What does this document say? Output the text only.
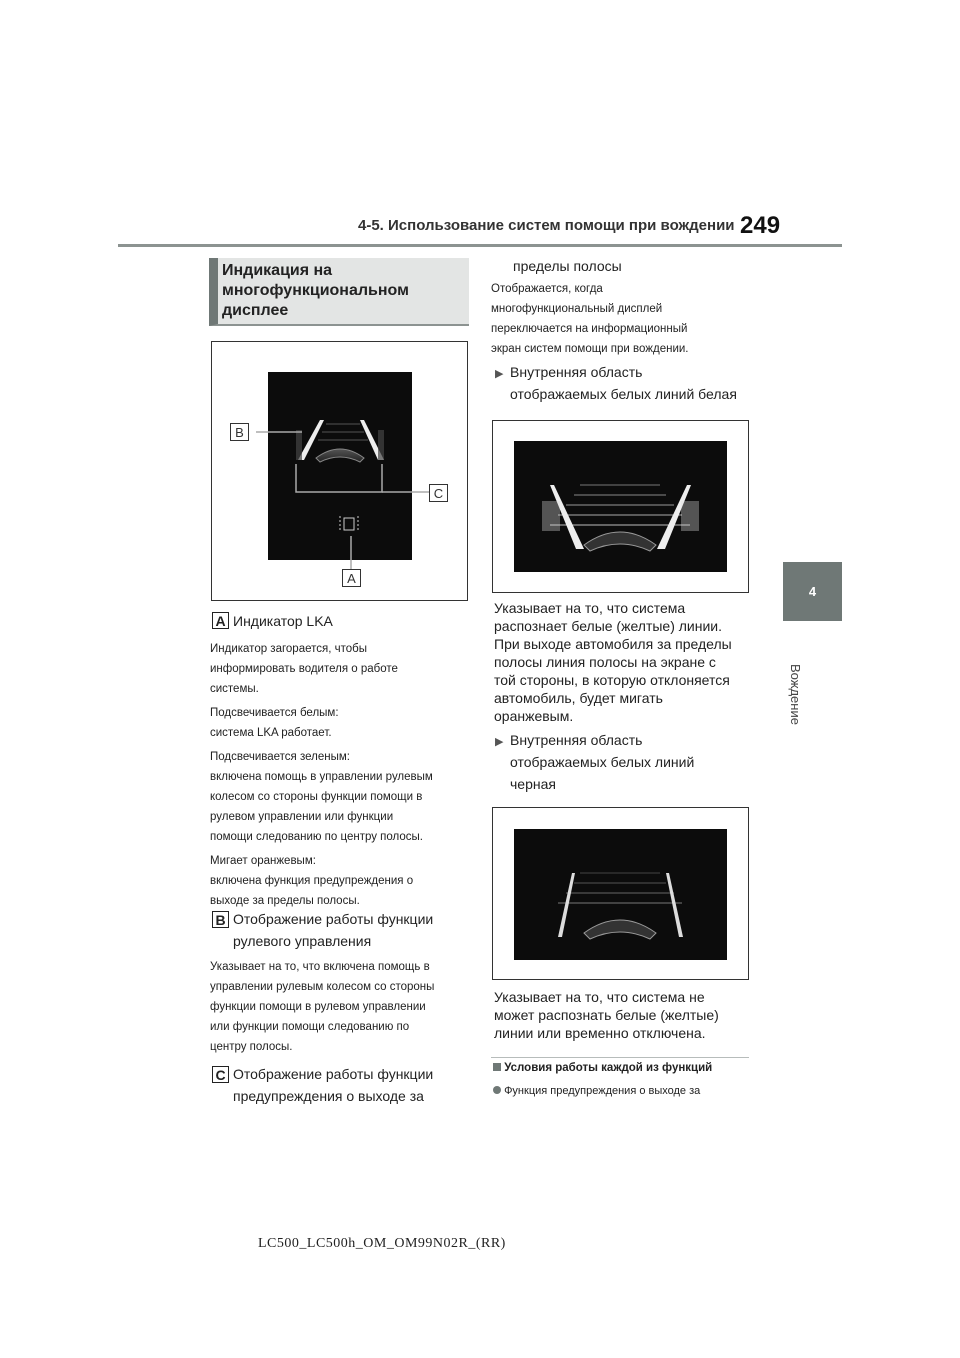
4-5. Использование систем помощи при вождении 249
4
Вождение
Индикация на многофункциональном дисплее
B
C
A
A Индикатор LKA
Индикатор загорается, чтобы
информировать водителя о работе
системы.
Подсвечивается белым:
система LKA работает.
Подсвечивается зеленым:
включена помощь в управлении рулевым
колесом со стороны функции помощи в
рулевом управлении или функции
помощи следованию по центру полосы.
Мигает оранжевым:
включена функция предупреждения о
выходе за пределы полосы.
B Отображение работы функции
рулевого управления
Указывает на то, что включена помощь в
управлении рулевым колесом со стороны
функции помощи в рулевом управлении
или функции помощи следованию по
центру полосы.
C Отображение работы функции
предупреждения о выходе за
пределы полосы
Отображается, когда
многофункциональный дисплей
переключается на информационный
экран систем помощи при вождении.
▶ Внутренняя область
отображаемых белых линий белая
Указывает на то, что система
распознает белые (желтые) линии.
При выходе автомобиля за пределы
полосы линия полосы на экране с
той стороны, в которую отклоняется
автомобиль, будет мигать
оранжевым.
▶ Внутренняя область
отображаемых белых линий
черная
Указывает на то, что система не
может распознать белые (желтые)
линии или временно отключена.
Условия работы каждой из функций
Функция предупреждения о выходе за
LC500_LC500h_OM_OM99N02R_(RR)
